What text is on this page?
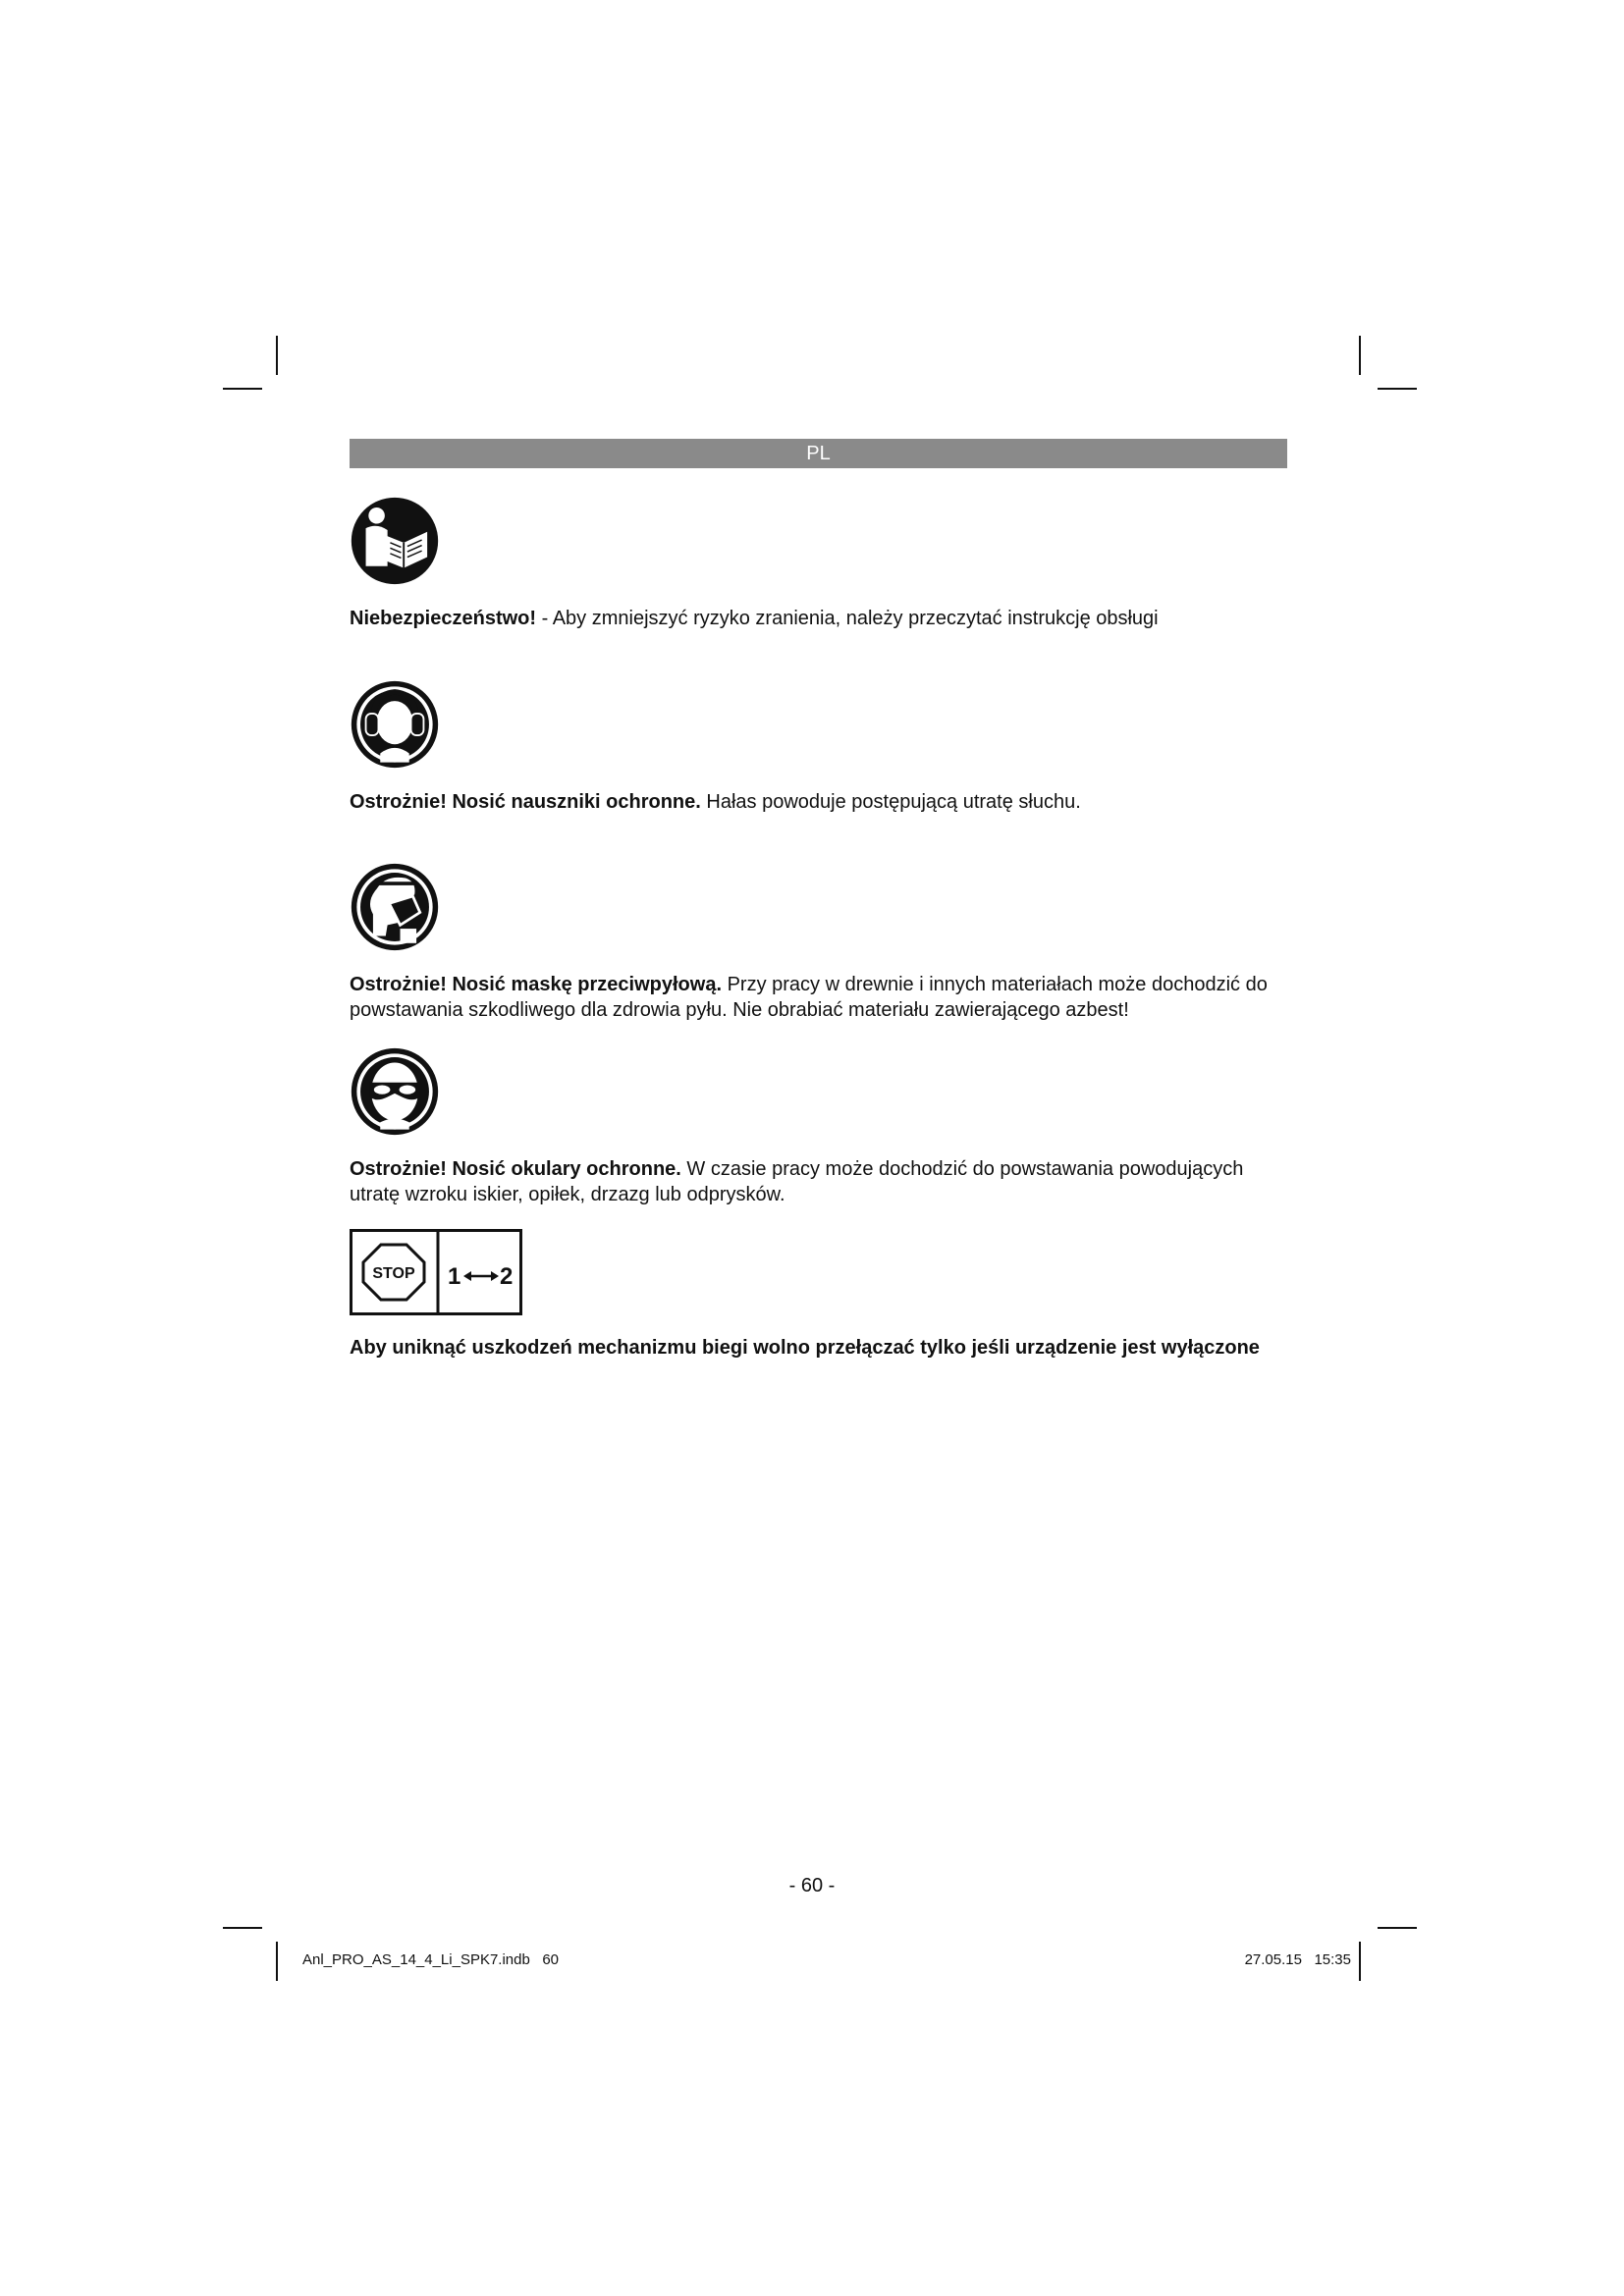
PL
Niebezpieczeństwo! - Aby zmniejszyć ryzyko zranienia, należy przeczytać instrukcję obsługi
Ostrożnie! Nosić nauszniki ochronne. Hałas powoduje postępującą utratę słuchu.
Ostrożnie! Nosić maskę przeciwpyłową. Przy pracy w drewnie i innych materiałach może dochodzić do powstawania szkodliwego dla zdrowia pyłu. Nie obrabiać materiału zawierającego azbest!
Ostrożnie! Nosić okulary ochronne. W czasie pracy może dochodzić do powstawania powodujących utratę wzroku iskier, opiłek, drzazg lub odprysków.
STOP 1 2
Aby uniknąć uszkodzeń mechanizmu biegi wolno przełączać tylko jeśli urządzenie jest wyłączone
- 60 -
Anl_PRO_AS_14_4_Li_SPK7.indb   60	27.05.15   15:35
